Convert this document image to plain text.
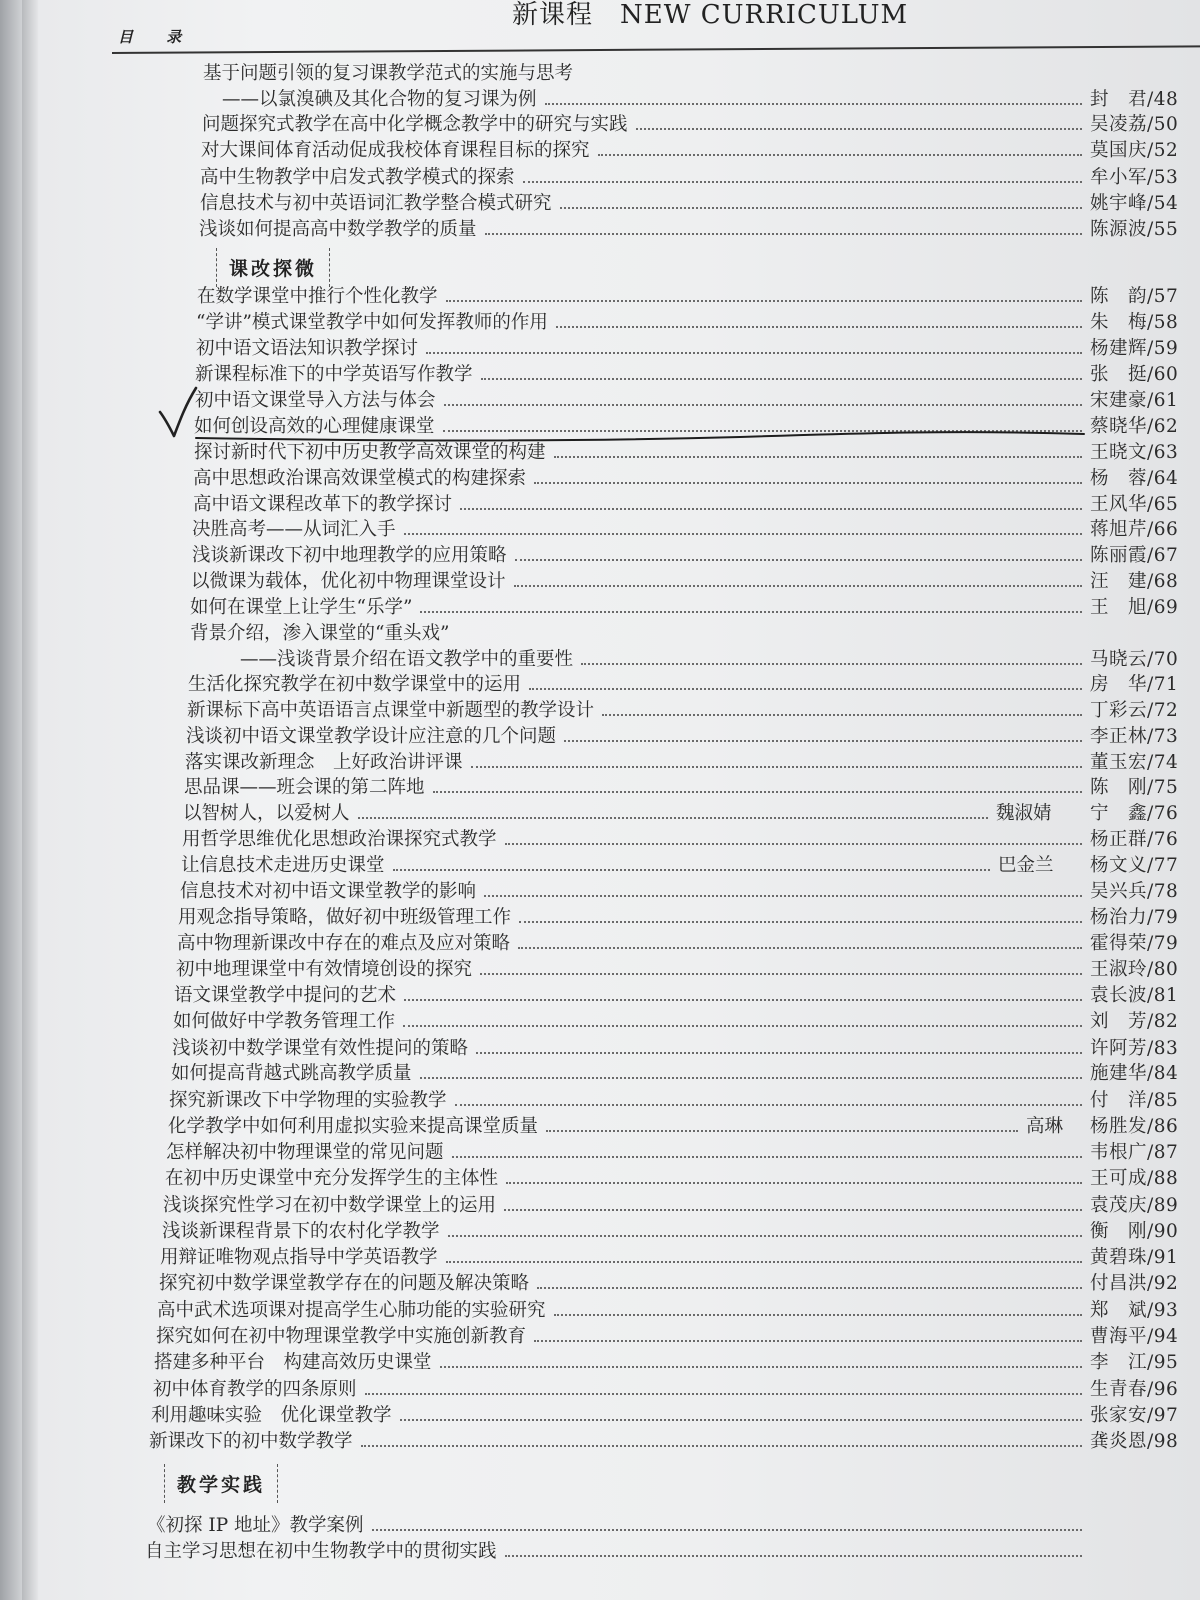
新课程　NEW CURRICULUM
目 录
课改探微
教学实践
基于问题引领的复习课教学范式的实施与思考
——以氯溴碘及其化合物的复习课为例	封　君/48
问题探究式教学在高中化学概念教学中的研究与实践	吴凌荔/50
对大课间体育活动促成我校体育课程目标的探究	莫国庆/52
高中生物教学中启发式教学模式的探索	牟小军/53
信息技术与初中英语词汇教学整合模式研究	姚宇峰/54
浅谈如何提高高中数学教学的质量	陈源波/55
在数学课堂中推行个性化教学	陈　韵/57
“学讲”模式课堂教学中如何发挥教师的作用	朱　梅/58
初中语文语法知识教学探讨	杨建辉/59
新课程标准下的中学英语写作教学	张　挺/60
初中语文课堂导入方法与体会	宋建豪/61
如何创设高效的心理健康课堂	蔡晓华/62
探讨新时代下初中历史教学高效课堂的构建	王晓文/63
高中思想政治课高效课堂模式的构建探索	杨　蓉/64
高中语文课程改革下的教学探讨	王风华/65
决胜高考——从词汇入手	蒋旭芹/66
浅谈新课改下初中地理教学的应用策略	陈丽霞/67
以微课为载体，优化初中物理课堂设计	汪　建/68
如何在课堂上让学生“乐学”	王　旭/69
背景介绍，渗入课堂的“重头戏”
——浅谈背景介绍在语文教学中的重要性	马晓云/70
生活化探究教学在初中数学课堂中的运用	房　华/71
新课标下高中英语语言点课堂中新题型的教学设计	丁彩云/72
浅谈初中语文课堂教学设计应注意的几个问题	李正林/73
落实课改新理念　上好政治讲评课	董玉宏/74
思品课——班会课的第二阵地	陈　刚/75
以智树人，以爱树人	魏淑婧 宁　鑫/76
用哲学思维优化思想政治课探究式教学	杨正群/76
让信息技术走进历史课堂	巴金兰 杨文义/77
信息技术对初中语文课堂教学的影响	吴兴兵/78
用观念指导策略，做好初中班级管理工作	杨治力/79
高中物理新课改中存在的难点及应对策略	霍得荣/79
初中地理课堂中有效情境创设的探究	王淑玲/80
语文课堂教学中提问的艺术	袁长波/81
如何做好中学教务管理工作	刘　芳/82
浅谈初中数学课堂有效性提问的策略	许阿芳/83
如何提高背越式跳高教学质量	施建华/84
探究新课改下中学物理的实验教学	付　洋/85
化学教学中如何利用虚拟实验来提高课堂质量	高琳 杨胜发/86
怎样解决初中物理课堂的常见问题	韦根广/87
在初中历史课堂中充分发挥学生的主体性	王可成/88
浅谈探究性学习在初中数学课堂上的运用	袁茂庆/89
浅谈新课程背景下的农村化学教学	衡　刚/90
用辩证唯物观点指导中学英语教学	黄碧珠/91
探究初中数学课堂教学存在的问题及解决策略	付昌洪/92
高中武术选项课对提高学生心肺功能的实验研究	郑　斌/93
探究如何在初中物理课堂教学中实施创新教育	曹海平/94
搭建多种平台　构建高效历史课堂	李　江/95
初中体育教学的四条原则	生青春/96
利用趣味实验　优化课堂教学	张家安/97
新课改下的初中数学教学	龚炎恩/98
《初探 IP 地址》教学案例
自主学习思想在初中生物教学中的贯彻实践
